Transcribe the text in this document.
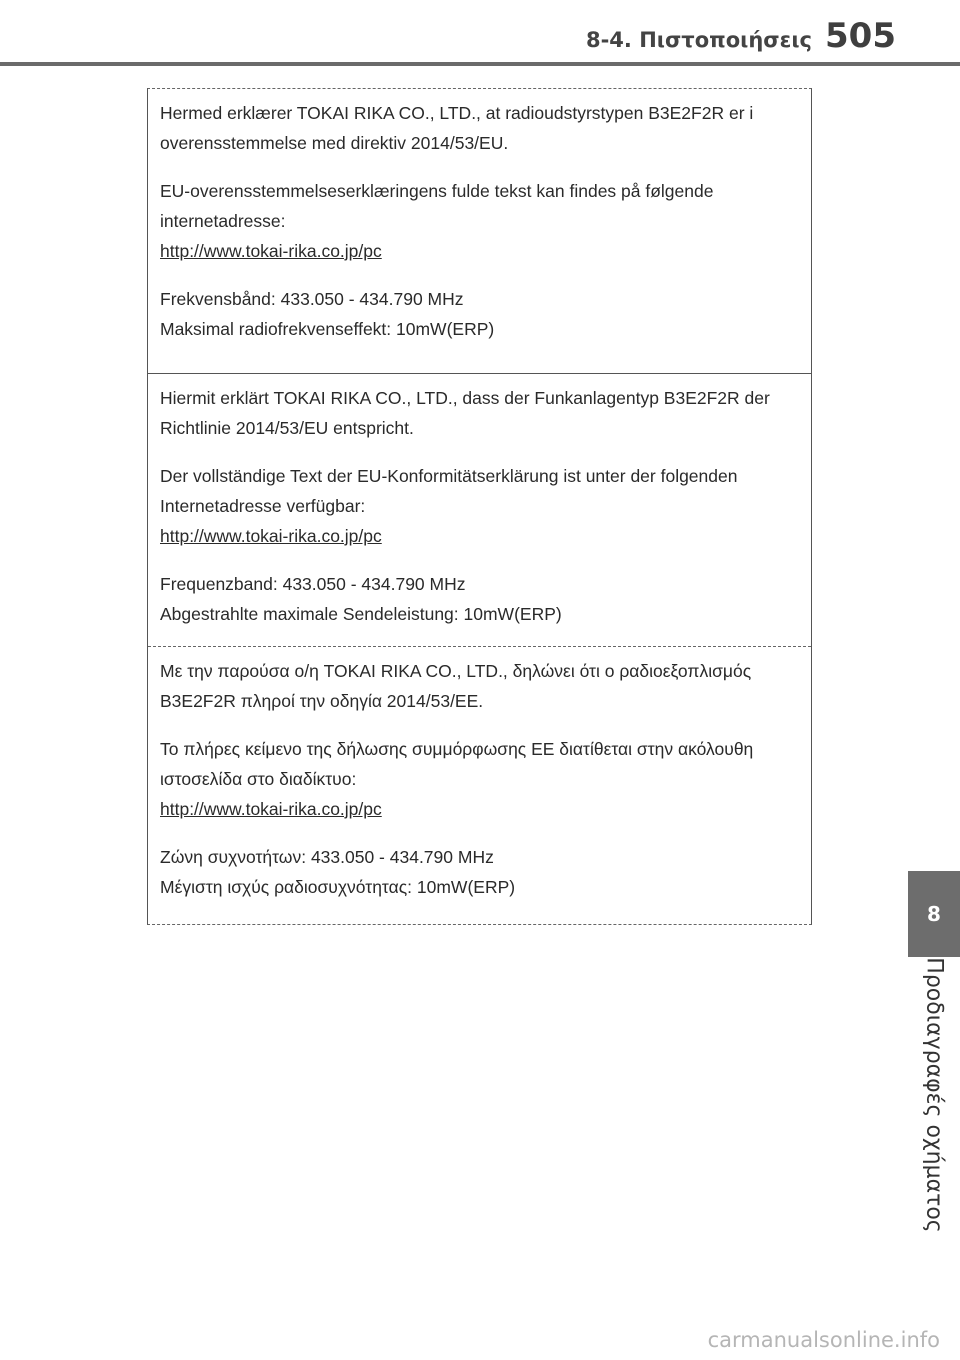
8-4. Πιστοποιήσεις 505

Hermed erklærer TOKAI RIKA CO., LTD., at radioudstyrstypen B3E2F2R er i overensstemmelse med direktiv 2014/53/EU.

EU-overensstemmelseserklæringens fulde tekst kan findes på følgende internetadresse:

http://www.tokai-rika.co.jp/pc

Frekvensbånd: 433.050 - 434.790 MHz

Maksimal radiofrekvenseffekt: 10mW(ERP)

Hiermit erklärt TOKAI RIKA CO., LTD., dass der Funkanlagentyp B3E2F2R der Richtlinie 2014/53/EU entspricht.

Der vollständige Text der EU-Konformitätserklärung ist unter der folgenden Internetadresse verfügbar:

http://www.tokai-rika.co.jp/pc

Frequenzband: 433.050 - 434.790 MHz

Abgestrahlte maximale Sendeleistung: 10mW(ERP)

Με την παρούσα ο/η TOKAI RIKA CO., LTD., δηλώνει ότι ο ραδιοεξοπλισμός B3E2F2R πληροί την οδηγία 2014/53/ΕΕ.

Το πλήρες κείμενο της δήλωσης συμμόρφωσης ΕΕ διατίθεται στην ακόλουθη ιστοσελίδα στο διαδίκτυο:

http://www.tokai-rika.co.jp/pc

Ζώνη συχνοτήτων: 433.050 - 434.790 MHz

Μέγιστη ισχύς ραδιοσυχνότητας: 10mW(ERP)

8
Προδιαγραφές οχήματος
carmanualsonline.info
